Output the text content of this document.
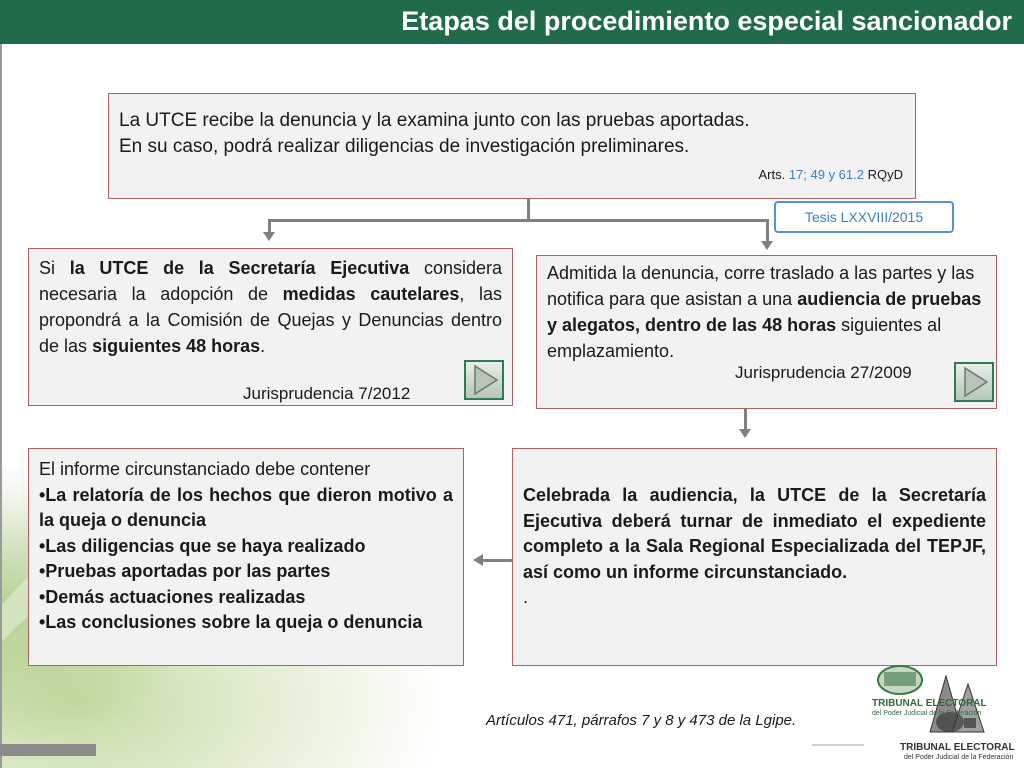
Etapas del procedimiento especial sancionador
La UTCE recibe la denuncia y la examina junto con las pruebas aportadas.
En su caso, podrá realizar diligencias de investigación preliminares.
Arts. 17; 49 y 61.2 RQyD
Tesis LXXVIII/2015
Si la UTCE de la Secretaría Ejecutiva considera necesaria la adopción de medidas cautelares, las propondrá a la Comisión de Quejas y Denuncias dentro de las siguientes 48 horas.
Jurisprudencia 7/2012
Admitida la denuncia, corre traslado a las partes y las notifica para que asistan a una audiencia de pruebas y alegatos, dentro de las 48 horas siguientes al emplazamiento.
Jurisprudencia 27/2009
El informe circunstanciado debe contener
•La relatoría de los hechos que dieron motivo a la queja o denuncia
•Las diligencias que se haya realizado
•Pruebas aportadas por las partes
•Demás actuaciones realizadas
•Las conclusiones sobre la queja o denuncia
Celebrada la audiencia, la UTCE de la Secretaría Ejecutiva deberá turnar de inmediato el expediente completo a la Sala Regional Especializada del TEPJF, así como un informe circunstanciado.
.
Artículos 471, párrafos 7 y 8 y 473 de la Lgipe.
TRIBUNAL ELECTORAL
del Poder Judicial de la Federación
TRIBUNAL ELECTORAL
del Poder Judicial de la Federación
